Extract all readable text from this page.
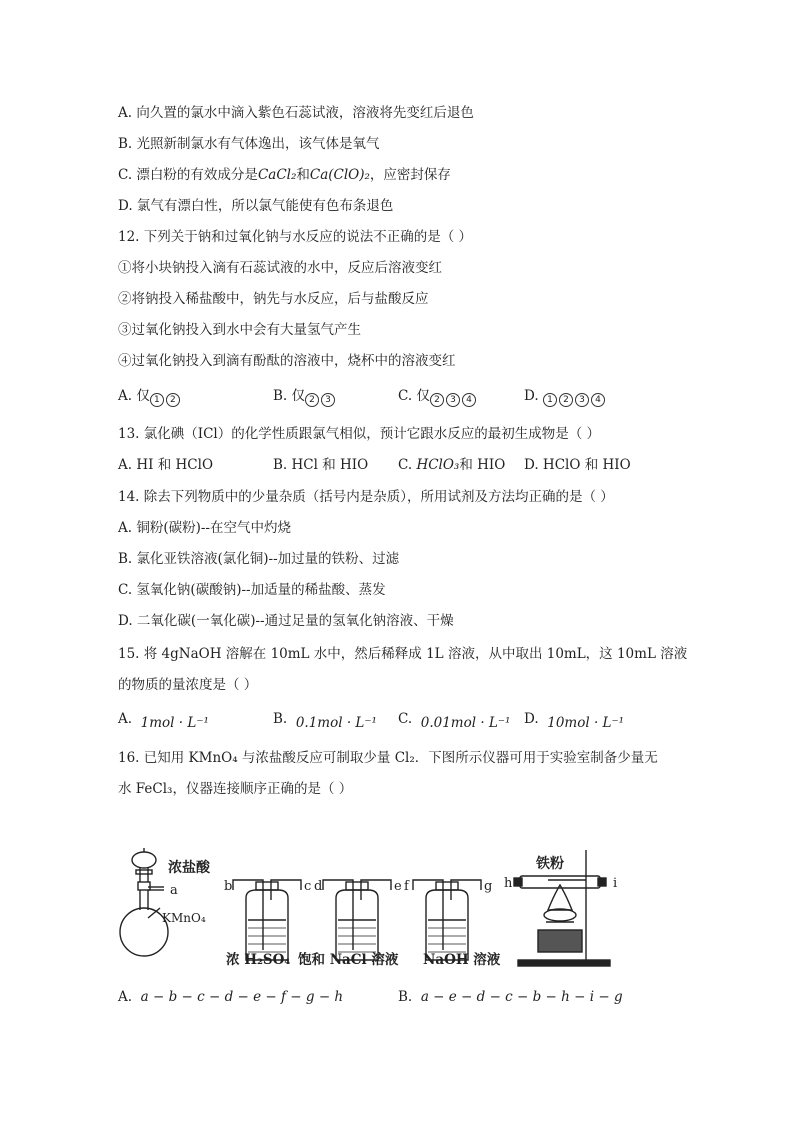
A. 向久置的氯水中滴入紫色石蕊试液，溶液将先变红后退色
B. 光照新制氯水有气体逸出，该气体是氧气
C. 漂白粉的有效成分是CaCl₂和Ca(ClO)₂，应密封保存
D. 氯气有漂白性，所以氯气能使有色布条退色
12. 下列关于钠和过氧化钠与水反应的说法不正确的是（ ）
①将小块钠投入滴有石蕊试液的水中，反应后溶液变红
②将钠投入稀盐酸中，钠先与水反应，后与盐酸反应
③过氧化钠投入到水中会有大量氢气产生
④过氧化钠投入到滴有酚酞的溶液中，烧杯中的溶液变红
A. 仅 1 2	B. 仅 2 3	C. 仅 2 3 4	D. 1 2 3 4
13. 氯化碘（ICl）的化学性质跟氯气相似，预计它跟水反应的最初生成物是（ ）
A. HI 和 HClO	B. HCl 和 HIO C. HClO₃和 HIO D. HClO 和 HIO
14. 除去下列物质中的少量杂质（括号内是杂质），所用试剂及方法均正确的是（ ）
A. 铜粉(碳粉)--在空气中灼烧
B. 氯化亚铁溶液(氯化铜)--加过量的铁粉、过滤
C. 氢氧化钠(碳酸钠)--加适量的稀盐酸、蒸发
D. 二氧化碳(一氧化碳)--通过足量的氢氧化钠溶液、干燥
15. 将 4gNaOH 溶解在 10mL 水中，然后稀释成 1L 溶液，从中取出 10mL，这 10mL 溶液
的物质的量浓度是（ ）
A. 1mol · L⁻¹	B. 0.1mol · L⁻¹ C. 0.01mol · L⁻¹ D. 10mol · L⁻¹
16. 已知用 KMnO₄ 与浓盐酸反应可制取少量 Cl₂．下图所示仪器可用于实验室制备少量无
水 FeCl₃，仪器连接顺序正确的是（ ）
a	b	c d	e f	g h	i
浓盐酸
KMnO₄
铁粉
浓 H₂SO₄ 饱和 NaCl 溶液 NaOH 溶液
A. a − b − c − d − e − f − g − h	B. a − e − d − c − b − h − i − g
